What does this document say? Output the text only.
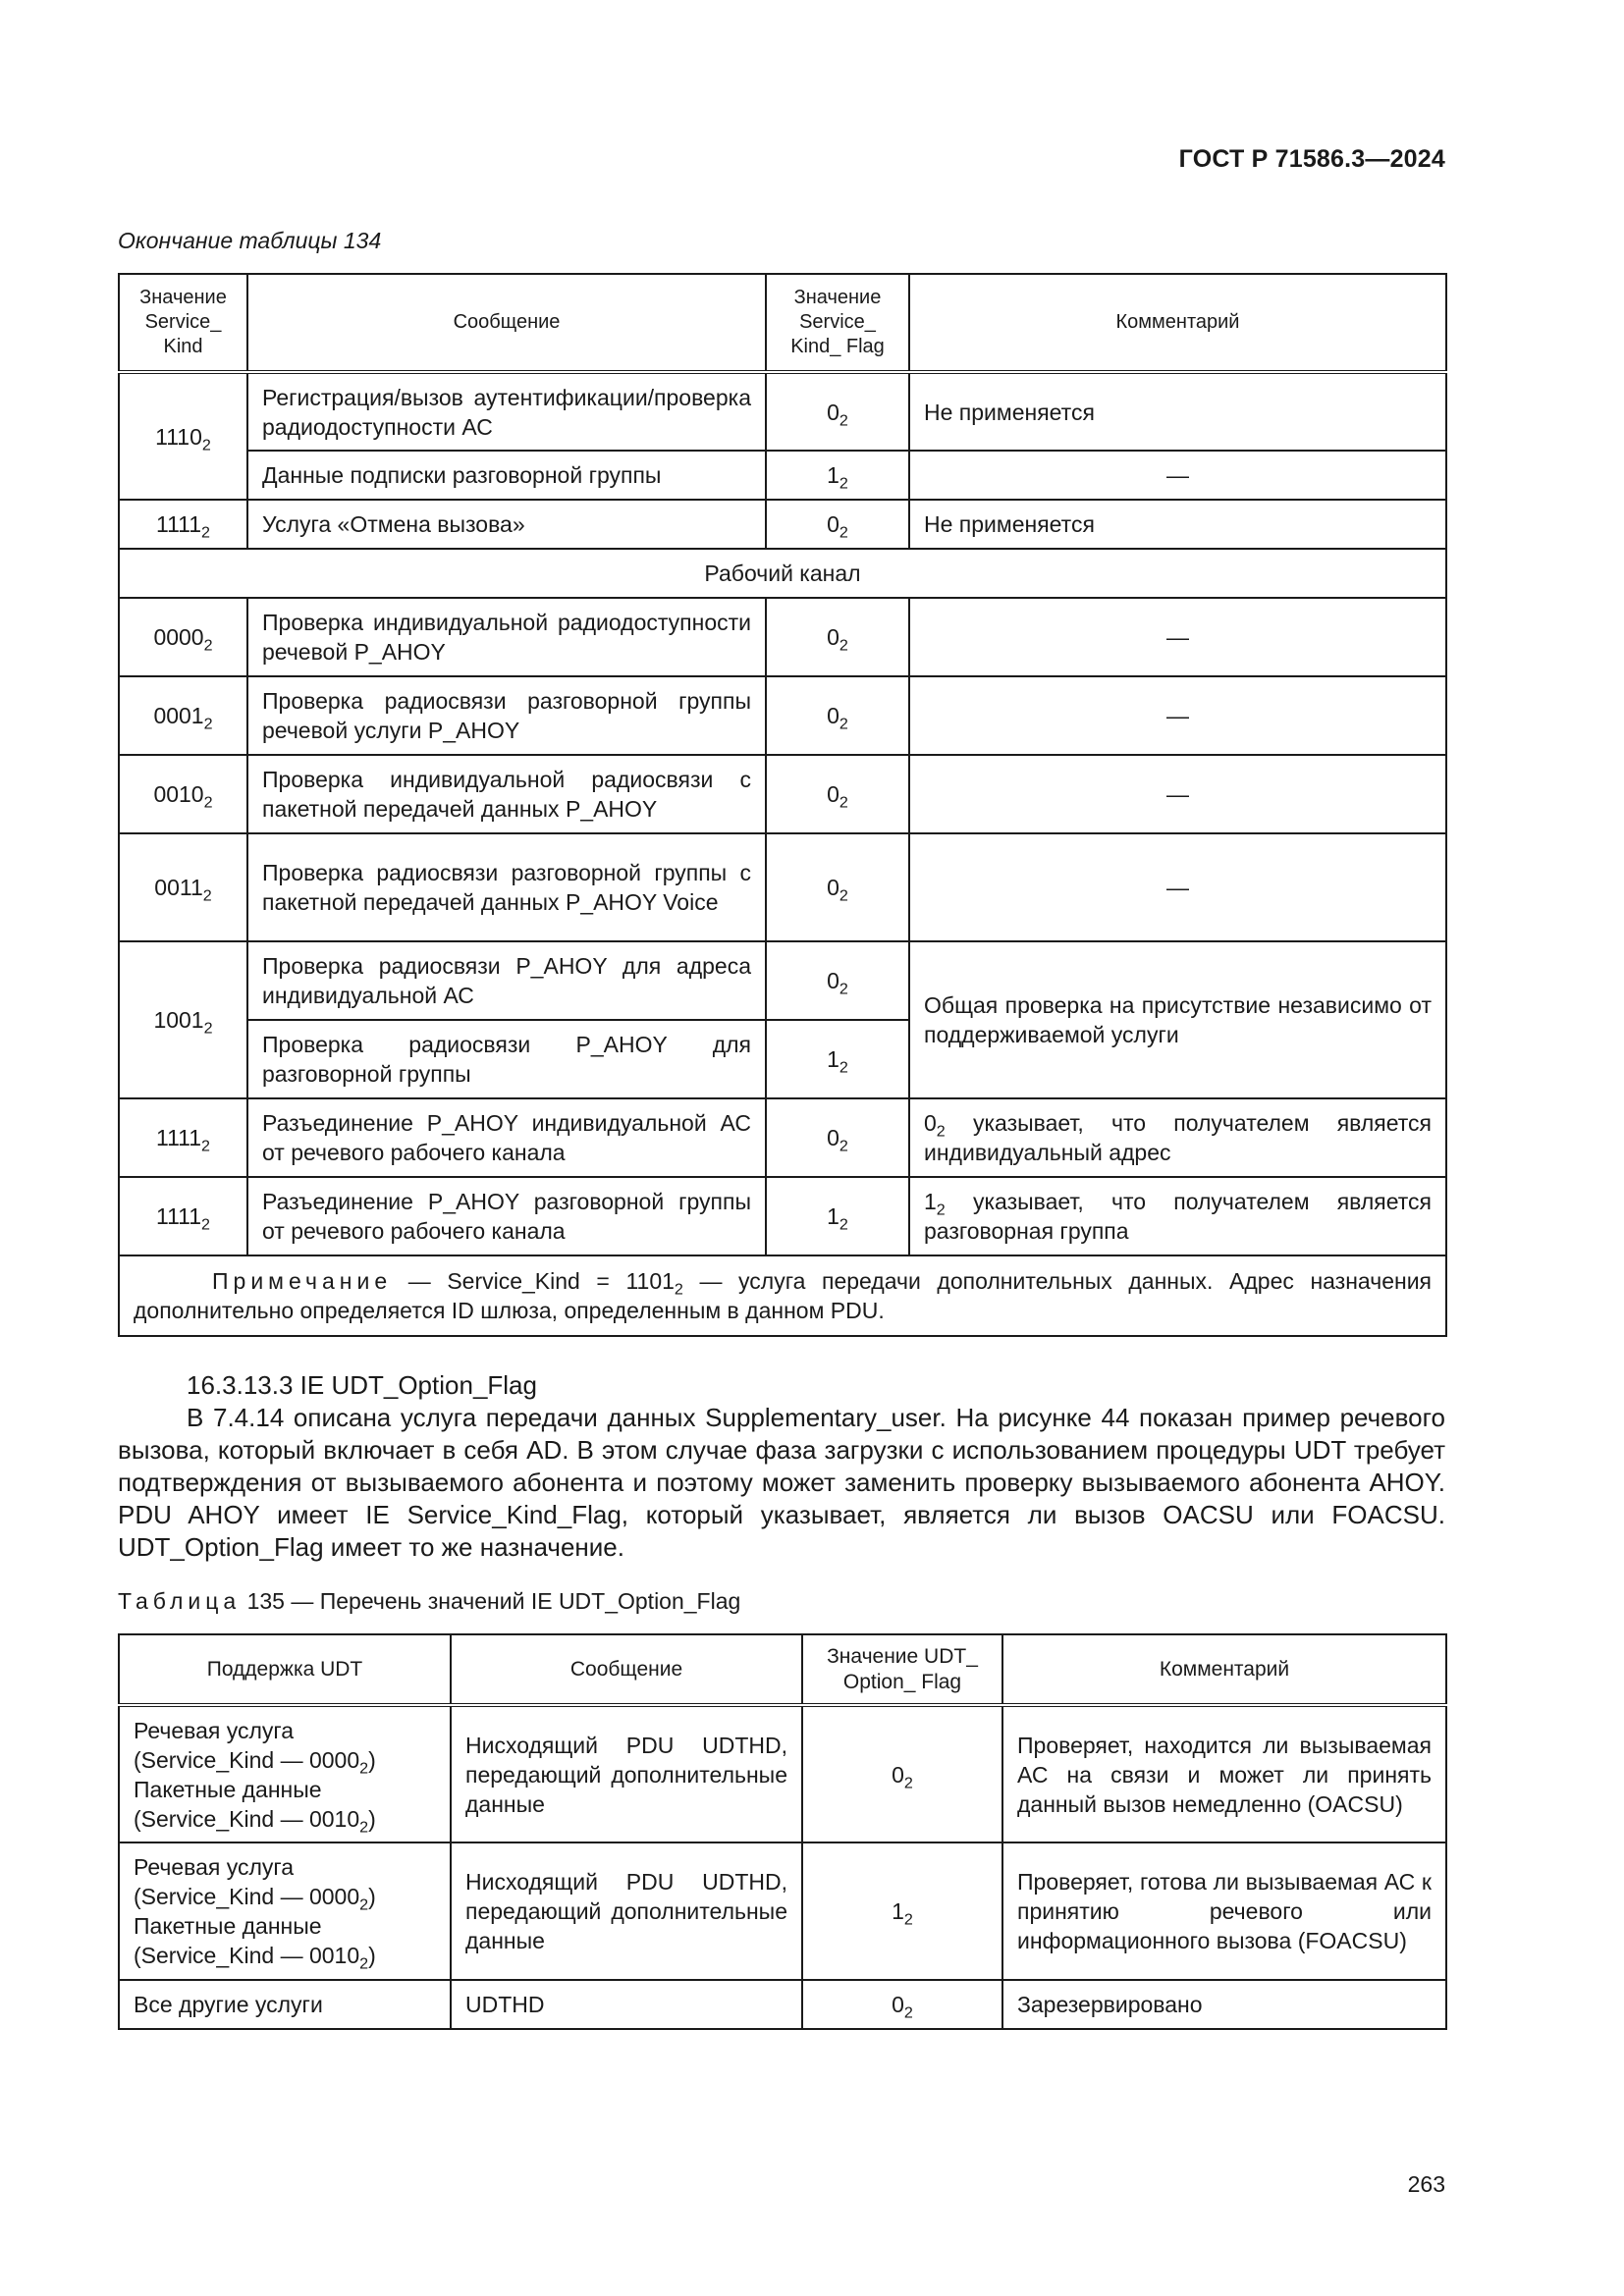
ГОСТ Р 71586.3—2024
Окончание таблицы 134
Значение Service_ Kind	Сообщение	Значение Service_ Kind_ Flag	Комментарий
$1110_2$	Регистрация/вызов аутентификации/проверка радиодоступности АС	$0_2$	Не применяется
	Данные подписки разговорной группы	$1_2$	—
$1111_2$	Услуга «Отмена вызова»	$0_2$	Не применяется
Рабочий канал			
$0000_2$	Проверка индивидуальной радиодоступности речевой P_AHOY	$0_2$	—
$0001_2$	Проверка радиосвязи разговорной группы речевой услуги P_AHOY	$0_2$	—
$0010_2$	Проверка индивидуальной радиосвязи с пакетной передачей данных P_AHOY	$0_2$	—
$0011_2$	Проверка радиосвязи разговорной группы с пакетной передачей данных P_AHOY Voice	$0_2$	—
$1001_2$	Проверка радиосвязи P_AHOY для адреса индивидуальной АС	$0_2$	Общая проверка на присутствие независимо от поддерживаемой услуги
	Проверка радиосвязи P_AHOY для разговорной группы	$1_2$
$1111_2$	Разъединение P_AHOY индивидуальной АС от речевого рабочего канала	$0_2$	$0_2$ указывает, что получателем является индивидуальный адрес
$1111_2$	Разъединение P_AHOY разговорной группы от речевого рабочего канала	$1_2$	$1_2$ указывает, что получателем является разговорная группа

Примечание — Service_Kind = $1101_2$ — услуга передачи дополнительных данных. Адрес назначения дополнительно определяется ID шлюза, определенным в данном PDU.			
16.3.13.3 IE UDT_Option_Flag
В 7.4.14 описана услуга передачи данных Supplementary_user. На рисунке 44 показан пример речевого вызова, который включает в себя AD. В этом случае фаза загрузки с использованием процедуры UDT требует подтверждения от вызываемого абонента и поэтому может заменить проверку вызываемого абонента AHOY. PDU AHOY имеет IE Service_Kind_Flag, который указывает, является ли вызов OACSU или FOACSU. UDT_Option_Flag имеет то же назначение.
Таблица 135 — Перечень значений IE UDT_Option_Flag
Поддержка UDT	Сообщение	Значение UDT_ Option_ Flag	Комментарий

Речевая услуга
(Service_Kind — $0000_2$)
Пакетные данные
(Service_Kind — $0010_2$)	Нисходящий PDU UDTHD, передающий дополнительные данные	$0_2$	Проверяет, находится ли вызываемая АС на связи и может ли принять данный вызов немедленно (OACSU)

Речевая услуга
(Service_Kind — $0000_2$)
Пакетные данные
(Service_Kind — $0010_2$)	Нисходящий PDU UDTHD, передающий дополнительные данные	$1_2$	Проверяет, готова ли вызываемая АС к принятию речевого или информационного вызова (FOACSU)
Все другие услуги	UDTHD	$0_2$	Зарезервировано
263
